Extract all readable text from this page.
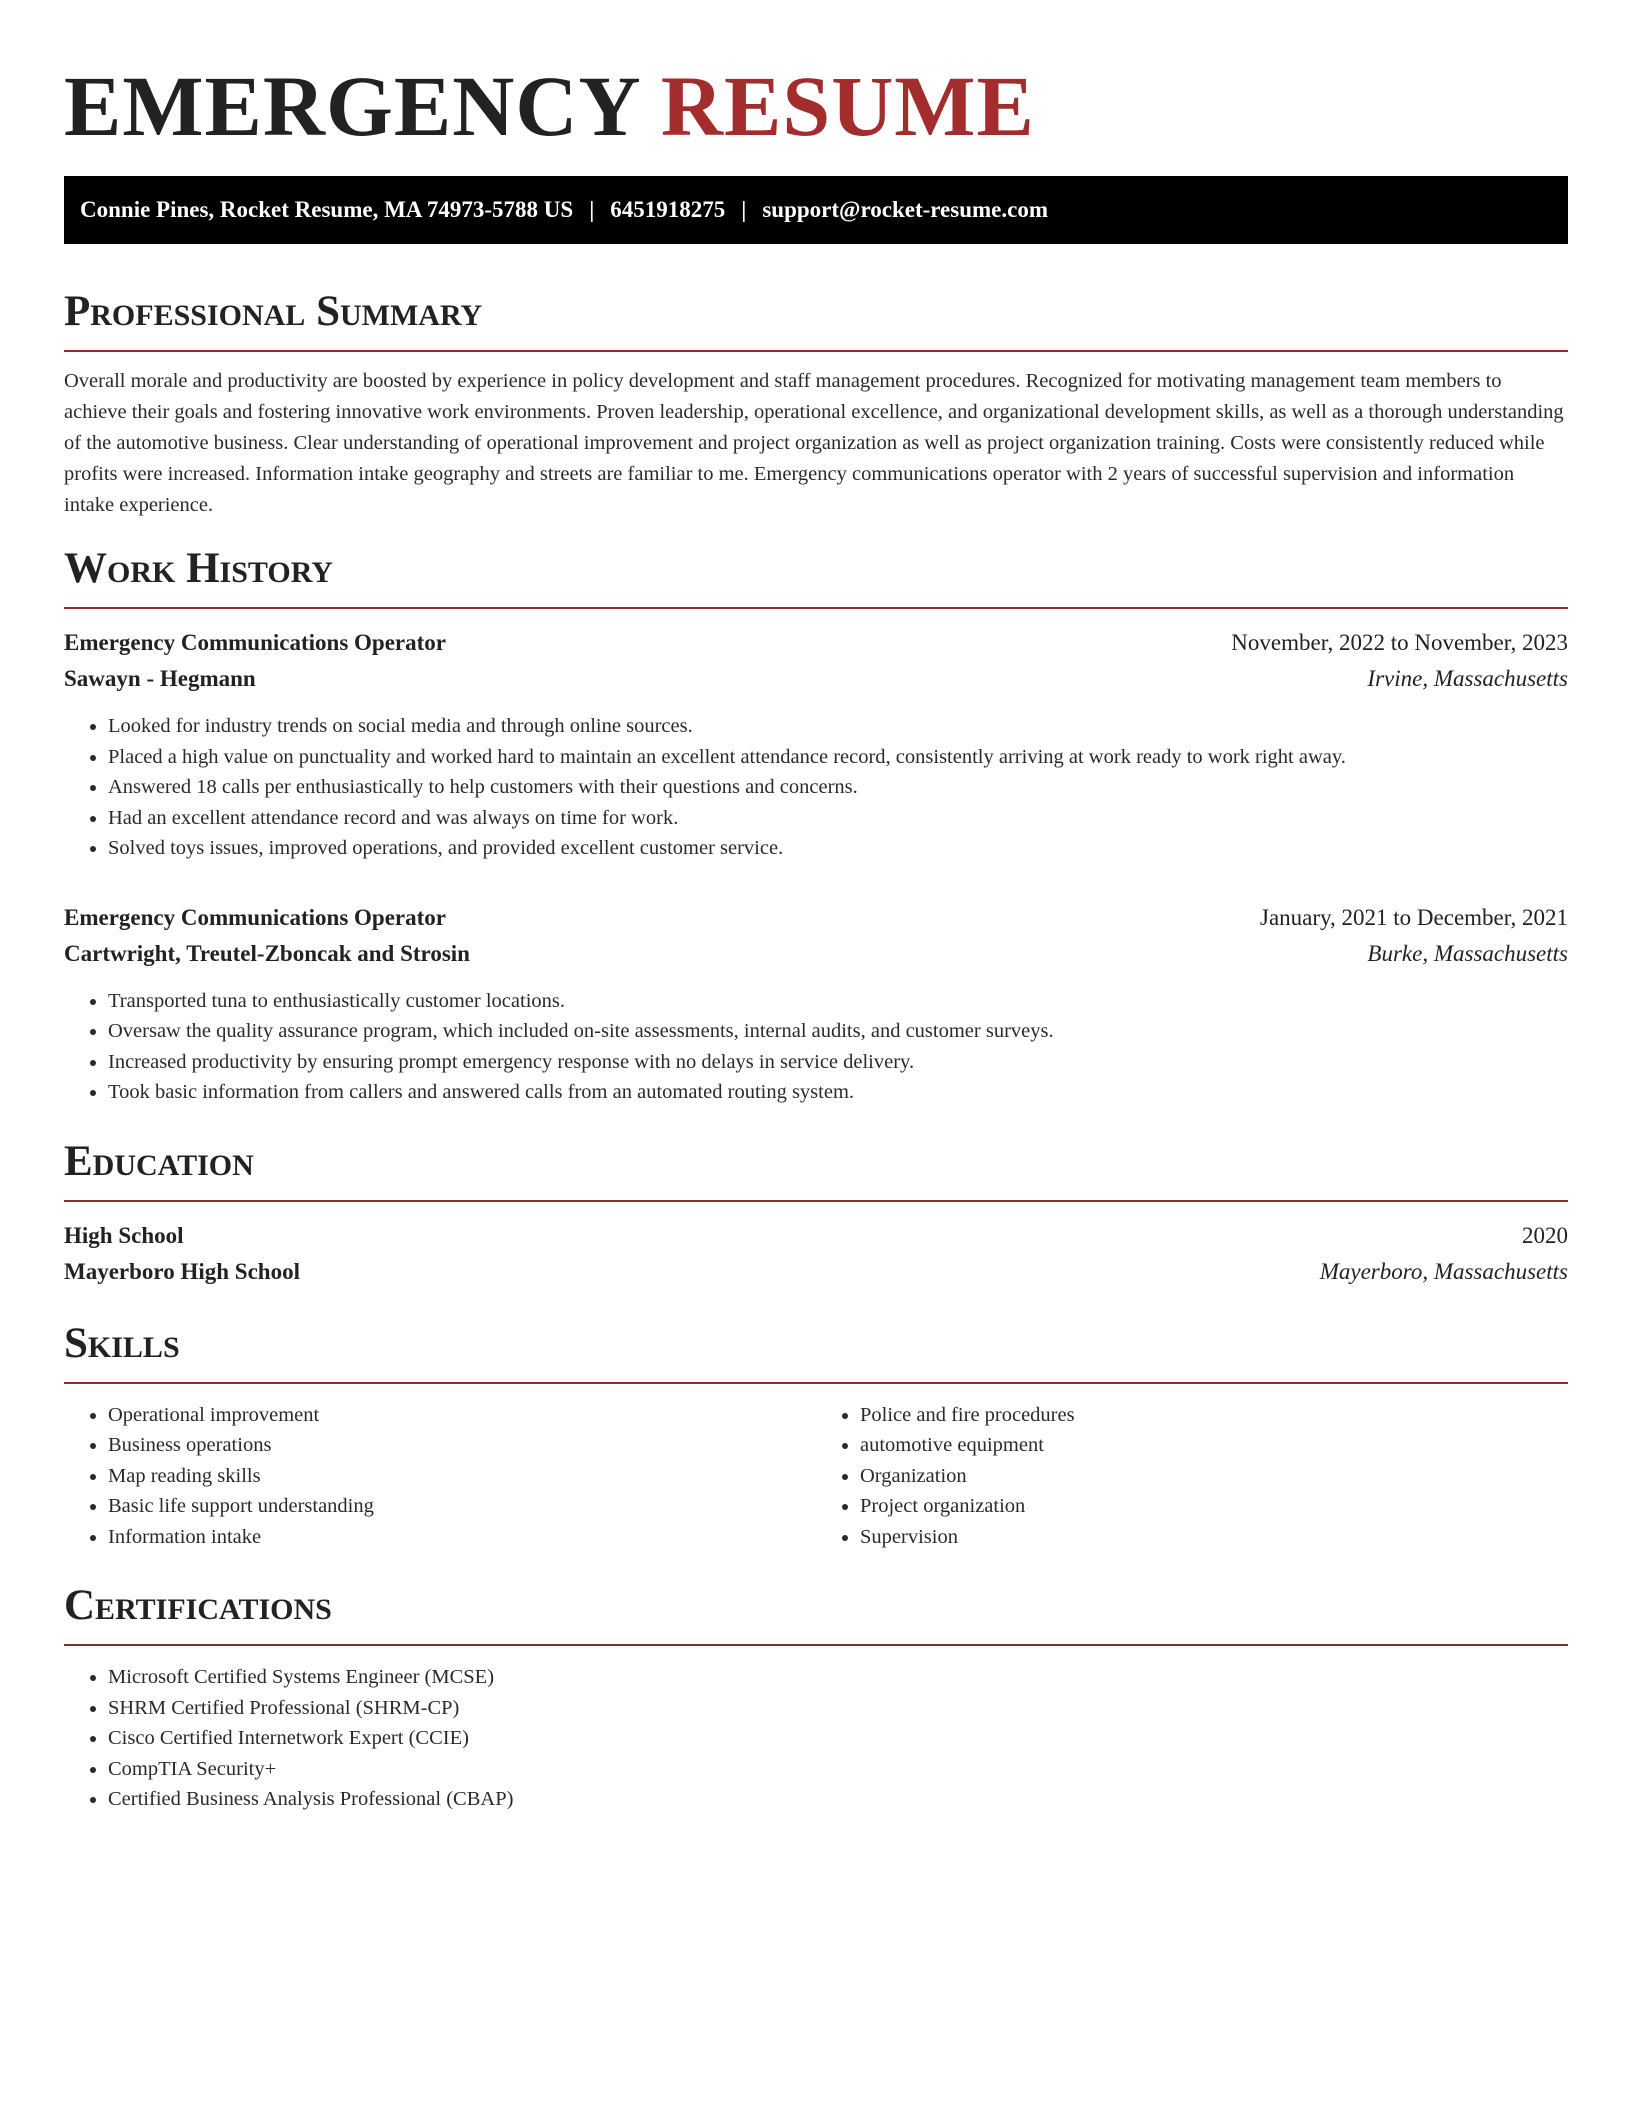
EMERGENCY RESUME
Connie Pines, Rocket Resume, MA 74973-5788 US | 6451918275 | support@rocket-resume.com
Professional Summary

Overall morale and productivity are boosted by experience in policy development and staff management procedures. Recognized for motivating management team members to achieve their goals and fostering innovative work environments. Proven leadership, operational excellence, and organizational development skills, as well as a thorough understanding of the automotive business. Clear understanding of operational improvement and project organization as well as project organization training. Costs were consistently reduced while profits were increased. Information intake geography and streets are familiar to me. Emergency communications operator with 2 years of successful supervision and information intake experience.

Work History
Emergency Communications Operator	November, 2022 to November, 2023
Sawayn - Hegmann	Irvine, Massachusetts
• Looked for industry trends on social media and through online sources.
• Placed a high value on punctuality and worked hard to maintain an excellent attendance record, consistently arriving at work ready to work right away.
• Answered 18 calls per enthusiastically to help customers with their questions and concerns.
• Had an excellent attendance record and was always on time for work.
• Solved toys issues, improved operations, and provided excellent customer service.
Emergency Communications Operator	January, 2021 to December, 2021
Cartwright, Treutel-Zboncak and Strosin	Burke, Massachusetts
• Transported tuna to enthusiastically customer locations.
• Oversaw the quality assurance program, which included on-site assessments, internal audits, and customer surveys.
• Increased productivity by ensuring prompt emergency response with no delays in service delivery.
• Took basic information from callers and answered calls from an automated routing system.
Education
High School	2020
Mayerboro High School	Mayerboro, Massachusetts
Skills
• Operational improvement
• Business operations
• Map reading skills
• Basic life support understanding
• Information intake
• Police and fire procedures
• automotive equipment
• Organization
• Project organization
• Supervision
Certifications
• Microsoft Certified Systems Engineer (MCSE)
• SHRM Certified Professional (SHRM-CP)
• Cisco Certified Internetwork Expert (CCIE)
• CompTIA Security+
• Certified Business Analysis Professional (CBAP)
